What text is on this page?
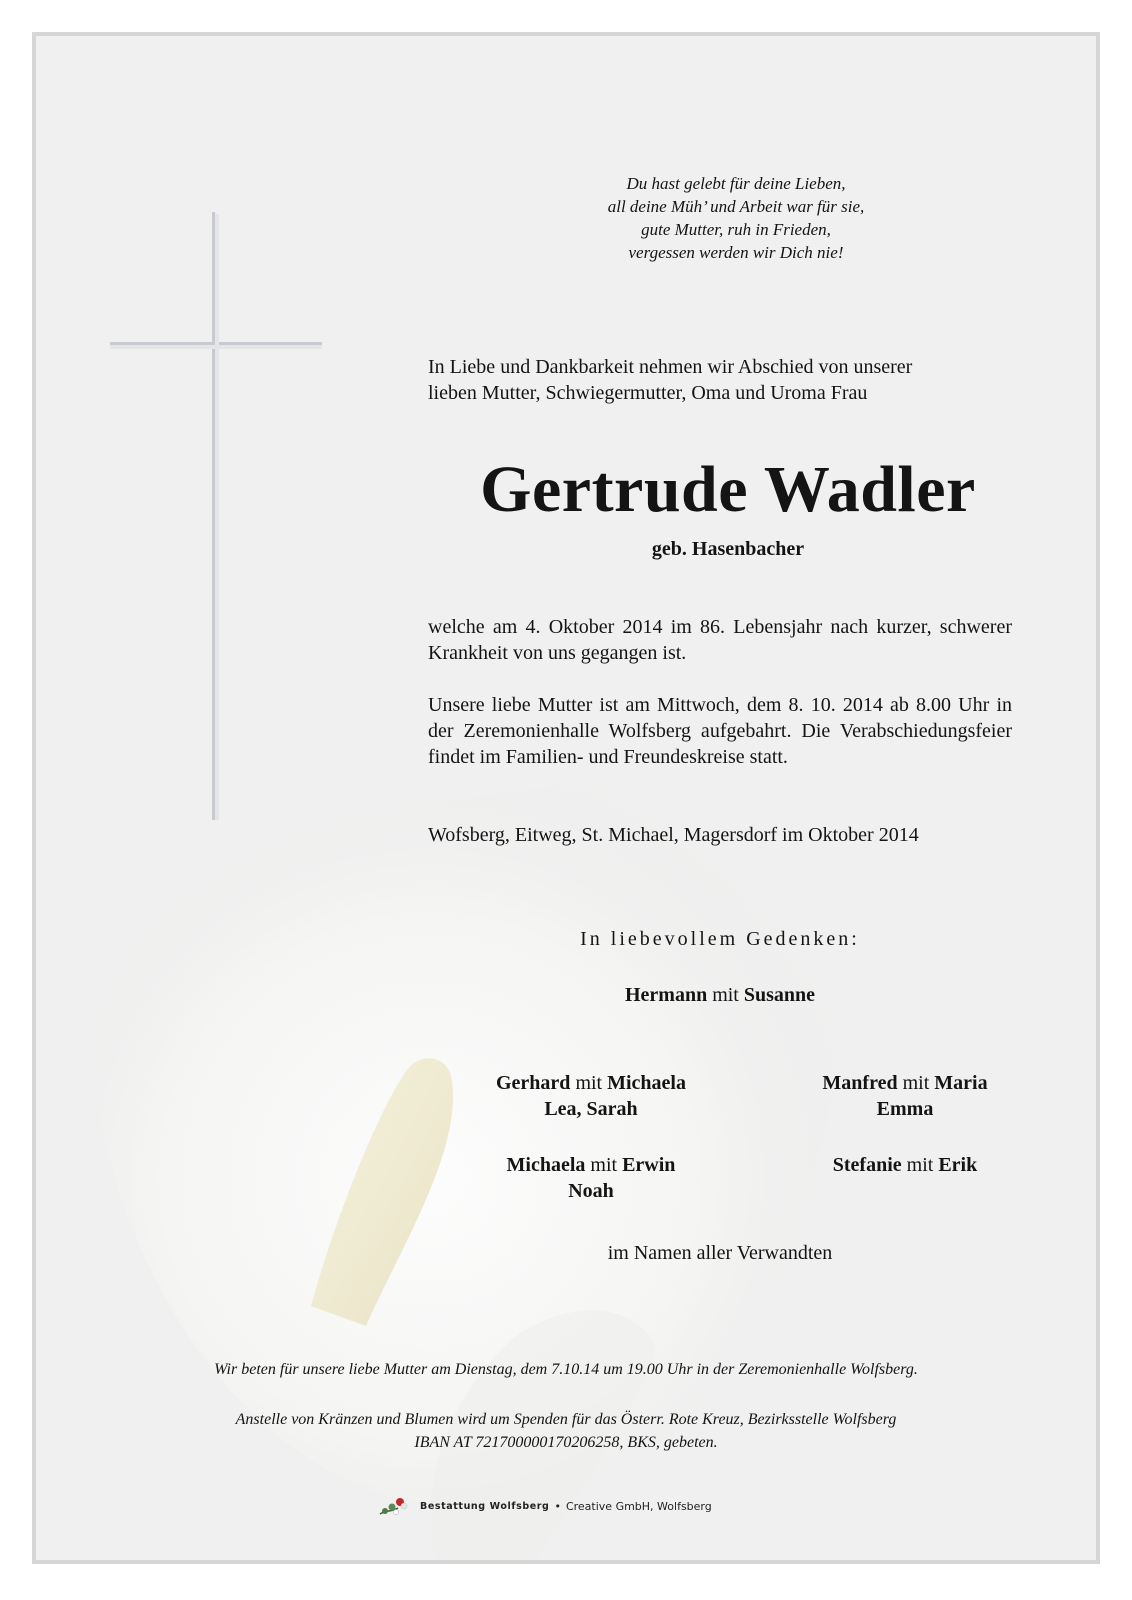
Du hast gelebt für deine Lieben,
all deine Müh’ und Arbeit war für sie,
gute Mutter, ruh in Frieden,
vergessen werden wir Dich nie!
In Liebe und Dankbarkeit nehmen wir Abschied von unserer
lieben Mutter, Schwiegermutter, Oma und Uroma Frau
Gertrude Wadler
geb. Hasenbacher
welche am 4. Oktober 2014 im 86. Lebensjahr nach kurzer, schwerer Krankheit von uns gegangen ist.
Unsere liebe Mutter ist am Mittwoch, dem 8. 10. 2014 ab 8.00 Uhr in der Zeremonienhalle Wolfsberg aufgebahrt. Die Verabschiedungsfeier findet im Familien- und Freundeskreise statt.
Wofsberg, Eitweg, St. Michael, Magersdorf im Oktober 2014
In liebevollem Gedenken:
Hermann mit Susanne
Gerhard mit Michaela
Lea, Sarah
Manfred mit Maria
Emma
Michaela mit Erwin
Noah
Stefanie mit Erik
im Namen aller Verwandten
Wir beten für unsere liebe Mutter am Dienstag, dem 7.10.14 um 19.00 Uhr in der Zeremonienhalle Wolfsberg.
Anstelle von Kränzen und Blumen wird um Spenden für das Österr. Rote Kreuz, Bezirksstelle Wolfsberg
IBAN AT 721700000170206258, BKS, gebeten.
Bestattung Wolfsberg • Creative GmbH, Wolfsberg
